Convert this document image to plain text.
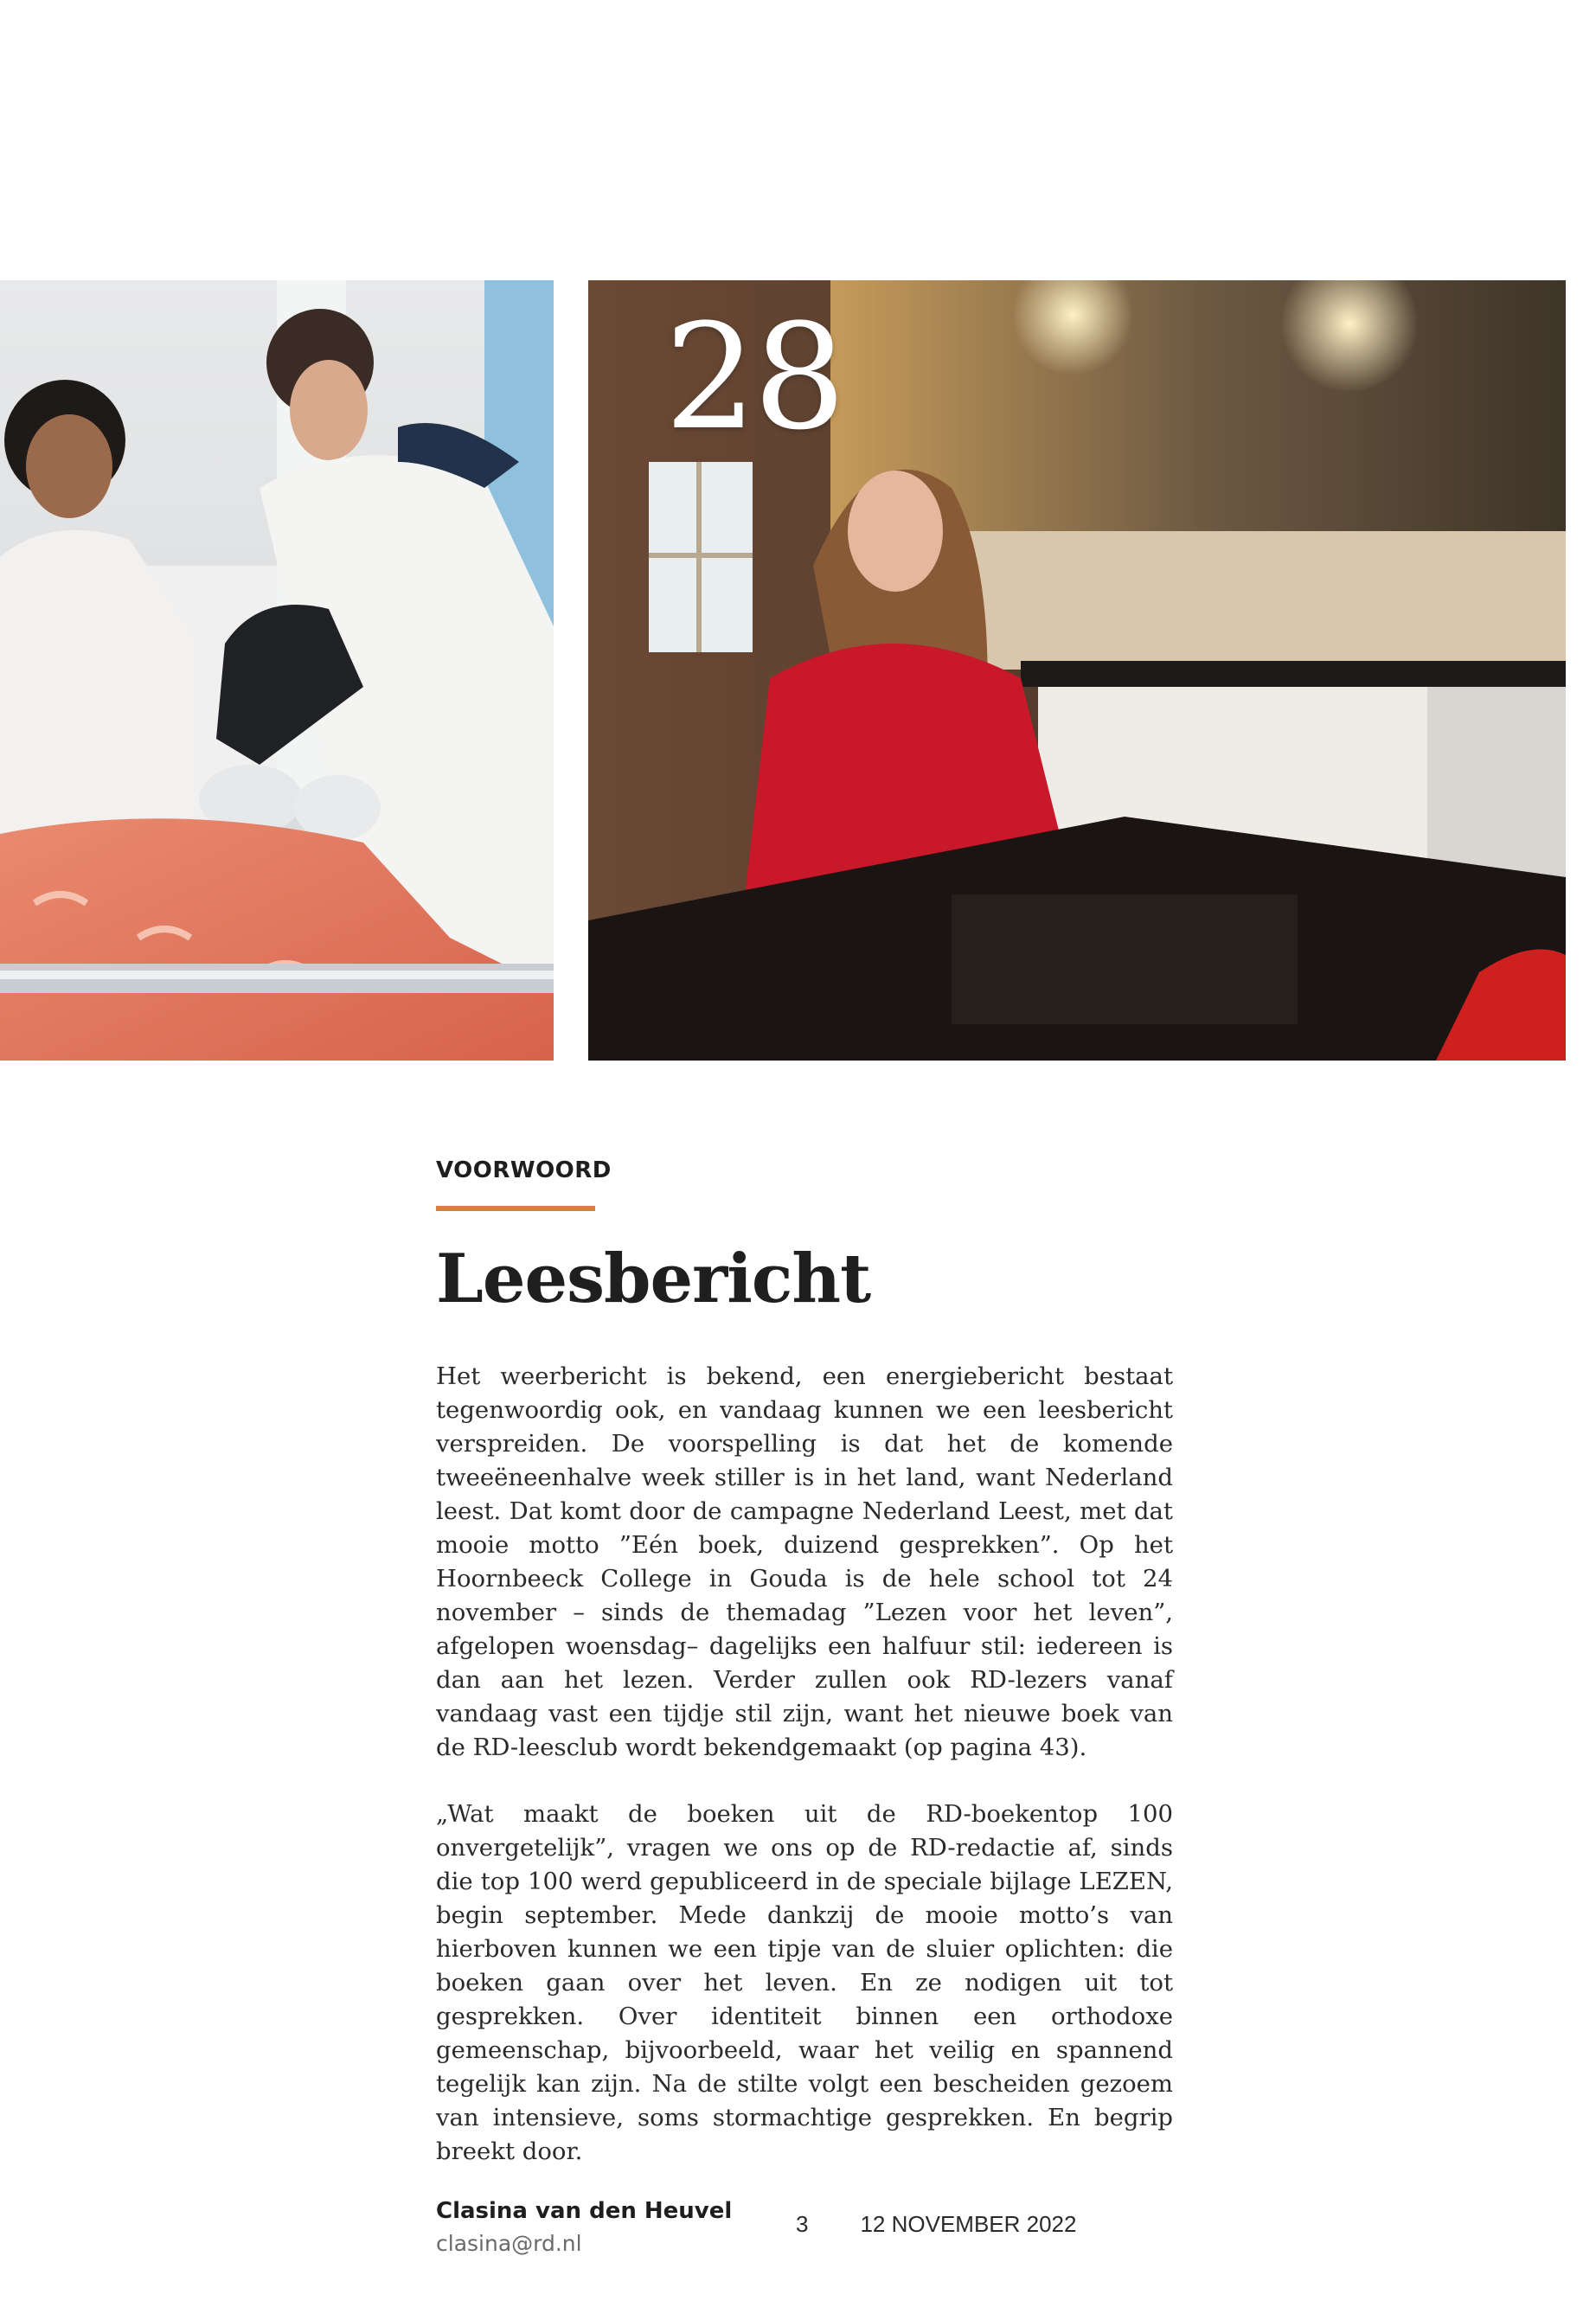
28

VOORWOORD

Leesbericht

Het weerbericht is bekend, een energiebericht bestaat tegenwoordig ook, en vandaag kunnen we een leesbericht verspreiden. De voorspelling is dat het de komende tweeëneenhalve week stiller is in het land, want Nederland leest. Dat komt door de campagne Nederland Leest, met dat mooie motto ”Eén boek, duizend gesprekken”. Op het Hoornbeeck College in Gouda is de hele school tot 24 november – sinds de themadag ”Lezen voor het leven”, afgelopen woensdag– dagelijks een halfuur stil: iedereen is dan aan het lezen. Verder zullen ook RD-lezers vanaf vandaag vast een tijdje stil zijn, want het nieuwe boek van de RD-leesclub wordt bekendgemaakt (op pagina 43).

„Wat maakt de boeken uit de RD-boekentop 100 onvergetelijk”, vragen we ons op de RD-redactie af, sinds die top 100 werd gepubliceerd in de speciale bijlage LEZEN, begin september. Mede dankzij de mooie motto’s van hierboven kunnen we een tipje van de sluier oplichten: die boeken gaan over het leven. En ze nodigen uit tot gesprekken. Over identiteit binnen een orthodoxe gemeenschap, bijvoorbeeld, waar het veilig en spannend tegelijk kan zijn. Na de stilte volgt een bescheiden gezoem van intensieve, soms stormachtige gesprekken. En begrip breekt door.

Clasina van den Heuvel
clasina@rd.nl
3 12 NOVEMBER 2022
